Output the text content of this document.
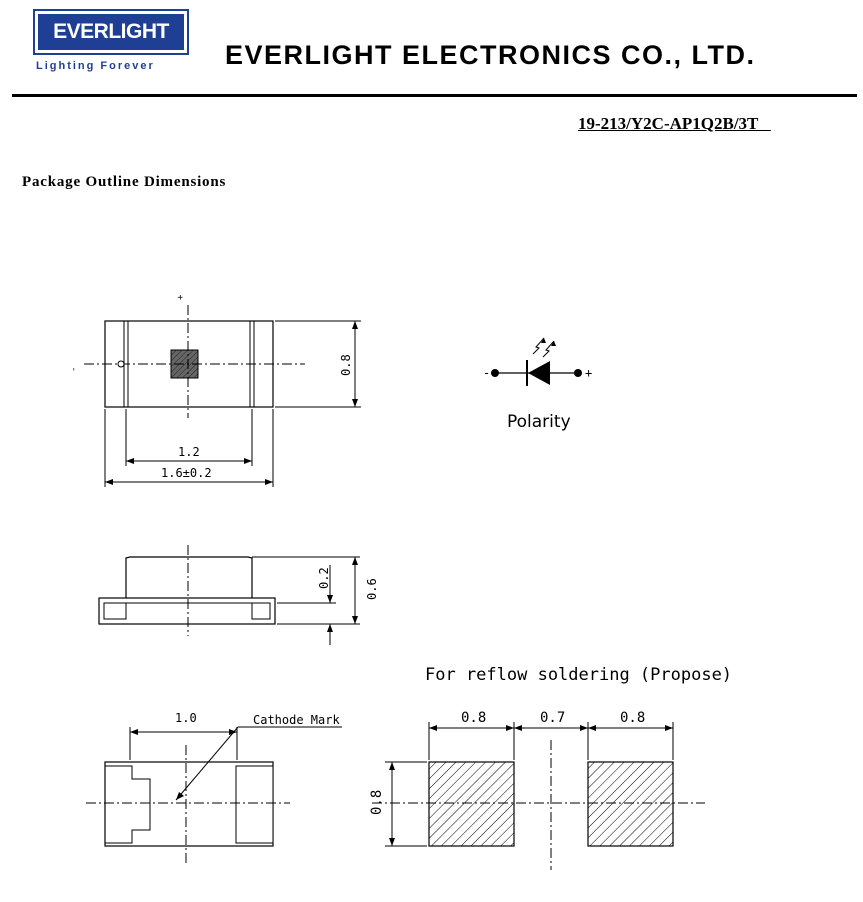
EVERLIGHT
Lighting Forever	EVERLIGHT ELECTRONICS CO., LTD.
19-213/Y2C-AP1Q2B/3T
Package Outline Dimensions
+
-	0.8
1.2
1.6±0.2
-	+
Polarity
0.6
0.2
For reflow soldering (Propose)
1.0	Cathode Mark	0.8	0.7	0.8
0.8
